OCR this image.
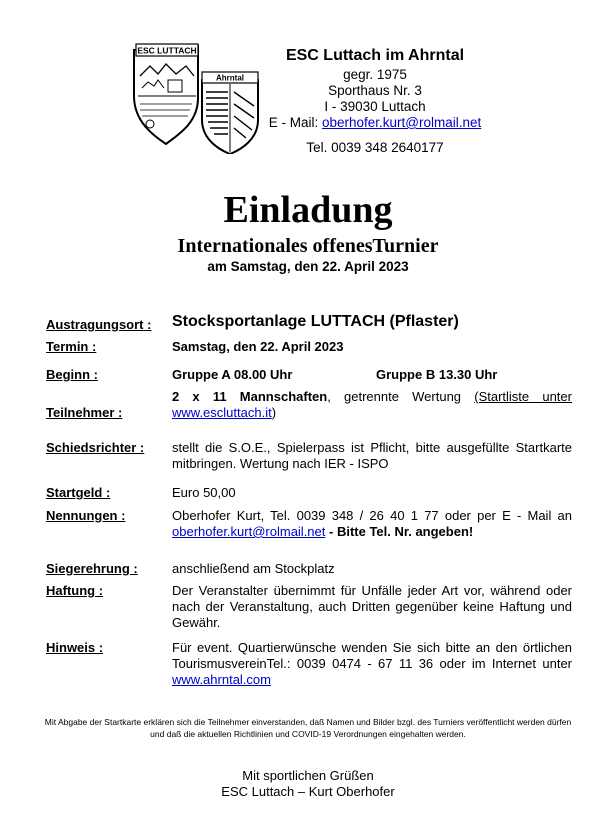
ESC LUTTACH
Ahrntal
ESC Luttach im Ahrntal
gegr. 1975
Sporthaus Nr. 3
I - 39030 Luttach
E - Mail: oberhofer.kurt@rolmail.net
Tel. 0039 348 2640177
Einladung
Internationales offenesTurnier
am Samstag, den 22. April 2023
Austragungsort : Stocksportanlage LUTTACH (Pflaster)
Termin :	Samstag, den 22. April 2023
Beginn :	Gruppe A 08.00 Uhr	Gruppe B 13.30 Uhr
Teilnehmer :
2 x 11 Mannschaften, getrennte Wertung (Startliste unter www.escluttach.it)
Schiedsrichter : stellt die S.O.E., Spielerpass ist Pflicht, bitte ausgefüllte Startkarte mitbringen. Wertung nach IER - ISPO
Startgeld :	Euro 50,00
Nennungen :	Oberhofer Kurt, Tel. 0039 348 / 26 40 1 77 oder per E - Mail an oberhofer.kurt@rolmail.net - Bitte Tel. Nr. angeben!
Siegerehrung :	anschließend am Stockplatz
Haftung :	Der Veranstalter übernimmt für Unfälle jeder Art vor, während oder nach der Veranstaltung, auch Dritten gegenüber keine Haftung und Gewähr.
Hinweis :	Für event. Quartierwünsche wenden Sie sich bitte an den örtlichen TourismusvereinTel.: 0039 0474 - 67 11 36 oder im Internet unter www.ahrntal.com
Mit Abgabe der Startkarte erklären sich die Teilnehmer einverstanden, daß Namen und Bilder bzgl. des Turniers veröffentlicht werden dürfen und daß die aktuellen Richtlinien und COVID-19 Verordnungen eingehalten werden.
Mit sportlichen Grüßen
ESC Luttach – Kurt Oberhofer
